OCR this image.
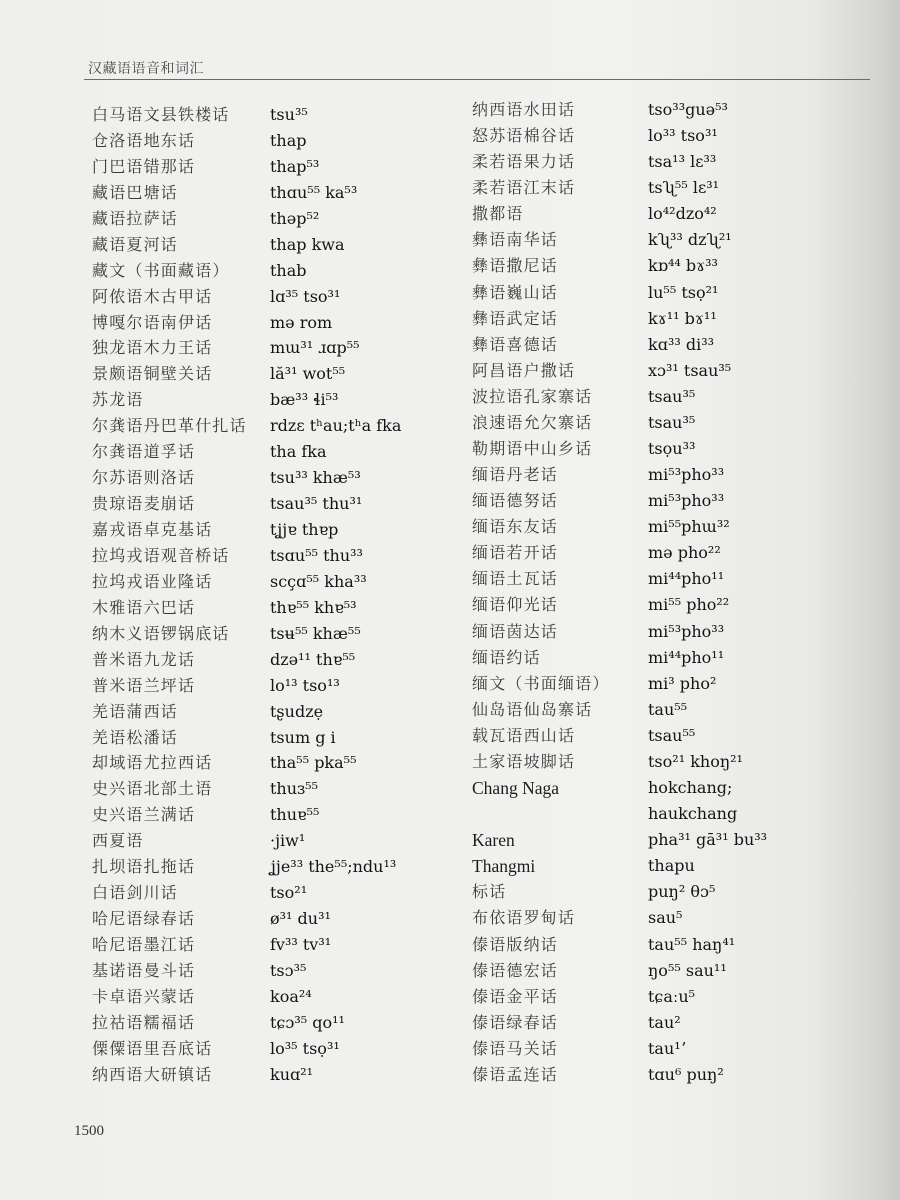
汉藏语语音和词汇
白马语文县铁楼话	tsu³⁵
仓洛语地东话	thap
门巴语错那话	thap⁵³
藏语巴塘话	thɑu⁵⁵ ka⁵³
藏语拉萨话	thəp⁵²
藏语夏河话	thap kwa
藏文（书面藏语）	thab
阿侬语木古甲话	lɑ³⁵ tso³¹
博嘎尔语南伊话	mə rom
独龙语木力王话	mɯ³¹ ɹɑp⁵⁵
景颇语铜壁关话	lă³¹ wot⁵⁵
苏龙语	bæ³³ ɬi⁵³
尔龚语丹巴革什扎话	rdzɛ tʰau;tʰa fka
尔龚语道孚话	tha fka
尔苏语则洛话	tsu³³ khæ⁵³
贵琼语麦崩话	tsau³⁵ thu³¹
嘉戎语卓克基话	tʝjɐ thɐp
拉坞戎语观音桥话	tsɑu⁵⁵ thu³³
拉坞戎语业隆话	scçɑ⁵⁵ kha³³
木雅语六巴话	thɐ⁵⁵ khɐ⁵³
纳木义语锣锅底话	tsʉ⁵⁵ khæ⁵⁵
普米语九龙话	dzə¹¹ thɐ⁵⁵
普米语兰坪话	lo¹³ tso¹³
羌语蒲西话	tʂudzẹ
羌语松潘话	tsum g i
却域语尤拉西话	tha⁵⁵ pka⁵⁵
史兴语北部土语	thuɜ⁵⁵
史兴语兰满话	thuɐ⁵⁵
西夏语	·jiw¹
扎坝语扎拖话	ʝje³³ the⁵⁵;ndu¹³
白语剑川话	tso²¹
哈尼语绿春话	ø³¹ du³¹
哈尼语墨江话	fv³³ tv³¹
基诺语曼斗话	tsɔ³⁵
卡卓语兴蒙话	koa²⁴
拉祜语糯福话	tɕɔ³⁵ qo¹¹
傈僳语里吾底话	lo³⁵ tsọ³¹
纳西语大研镇话	kuɑ²¹
纳西语水田话	tso³³guə⁵³
怒苏语棉谷话	lo³³ tso³¹
柔若语果力话	tsa¹³ lɛ³³
柔若语江末话	tsʯ⁵⁵ lɛ³¹
撒都语	lo⁴²dzo⁴²
彝语南华话	kʯ³³ dzʯ²¹
彝语撒尼话	kɒ⁴⁴ bɤ³³
彝语巍山话	lu⁵⁵ tsọ²¹
彝语武定话	kɤ¹¹ bɤ¹¹
彝语喜德话	kɑ³³ di³³
阿昌语户撒话	xɔ³¹ tsau³⁵
波拉语孔家寨话	tsau³⁵
浪速语允欠寨话	tsau³⁵
勒期语中山乡话	tsọu³³
缅语丹老话	mi⁵³pho³³
缅语德努话	mi⁵³pho³³
缅语东友话	mi⁵⁵phɯ³²
缅语若开话	mə pho²²
缅语土瓦话	mi⁴⁴pho¹¹
缅语仰光话	mi⁵⁵ pho²²
缅语茵达话	mi⁵³pho³³
缅语约话	mi⁴⁴pho¹¹
缅文（书面缅语）	mi³ pho²
仙岛语仙岛寨话	tau⁵⁵
载瓦语西山话	tsau⁵⁵
土家语坡脚话	tso²¹ khoŋ²¹
Chang Naga	hokchang;
haukchang
Karen	pha³¹ gā³¹ bu³³
Thangmi	thapu
标话	puŋ² θɔ⁵
布依语罗甸话	sau⁵
傣语版纳话	tau⁵⁵ haŋ⁴¹
傣语德宏话	ŋo⁵⁵ sau¹¹
傣语金平话	tɕaːu⁵
傣语绿春话	tau²
傣语马关话	tau¹ʼ
傣语孟连话	tɑu⁶ puŋ²
1500
